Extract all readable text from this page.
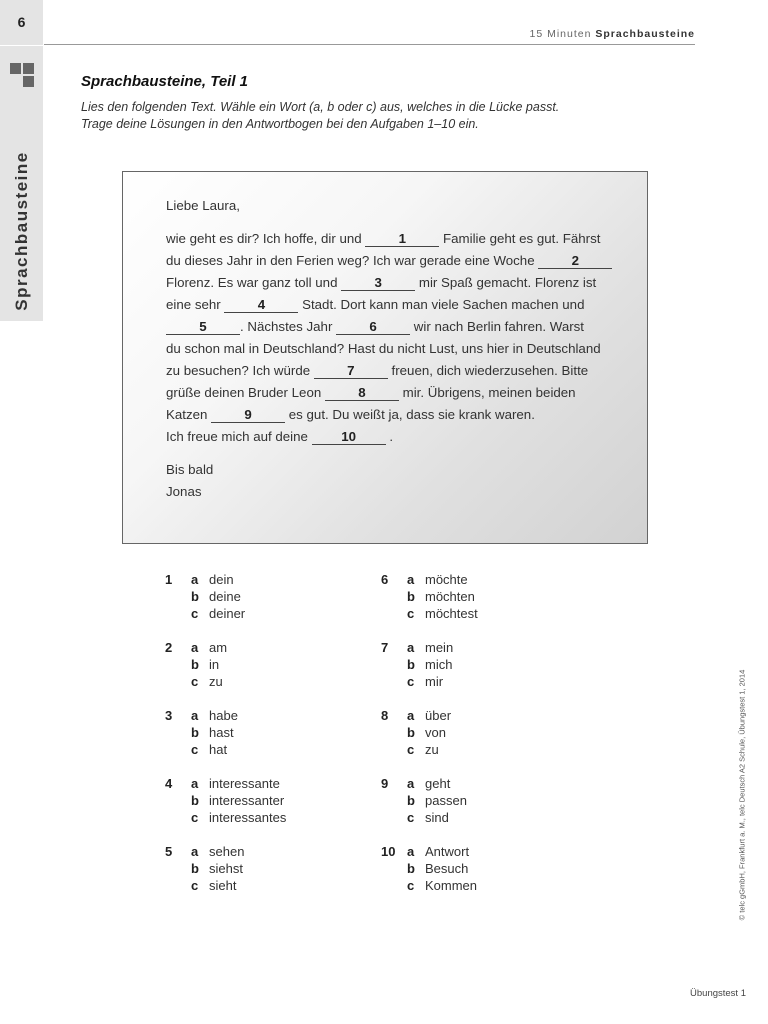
6
Sprachbausteine
15 Minuten Sprachbausteine
Sprachbausteine, Teil 1
Lies den folgenden Text. Wähle ein Wort (a, b oder c) aus, welches in die Lücke passt.
Trage deine Lösungen in den Antwortbogen bei den Aufgaben 1–10 ein.
Liebe Laura,
wie geht es dir? Ich hoffe, dir und	1	Familie geht es gut. Fährst
du dieses Jahr in den Ferien weg? Ich war gerade eine Woche	2
Florenz. Es war ganz toll und	3	mir Spaß gemacht. Florenz ist
eine sehr	4	Stadt. Dort kann man viele Sachen machen und
5	. Nächstes Jahr	6	wir nach Berlin fahren. Warst
du schon mal in Deutschland? Hast du nicht Lust, uns hier in Deutschland
zu besuchen? Ich würde	7	freuen, dich wiederzusehen. Bitte
grüße deinen Bruder Leon	8	mir. Übrigens, meinen beiden
Katzen	9	es gut. Du weißt ja, dass sie krank waren.
Ich freue mich auf deine 10 .
Bis bald
Jonas
1 a dein
b deine
c deiner
2 a am
b in
c zu
3 a habe
b hast
c hat
4 a interessante
b interessanter
c interessantes
5 a sehen
b siehst
c sieht
6 a möchte
b möchten
c möchtest
7 a mein
b mich
c mir
8 a über
b von
c zu
9 a geht
b passen
c sind
10 a Antwort
b Besuch
c Kommen	© telc gGmbH, Frankfurt a. M., telc Deutsch A2 Schule, Übungstest 1, 2014
Übungstest 1
